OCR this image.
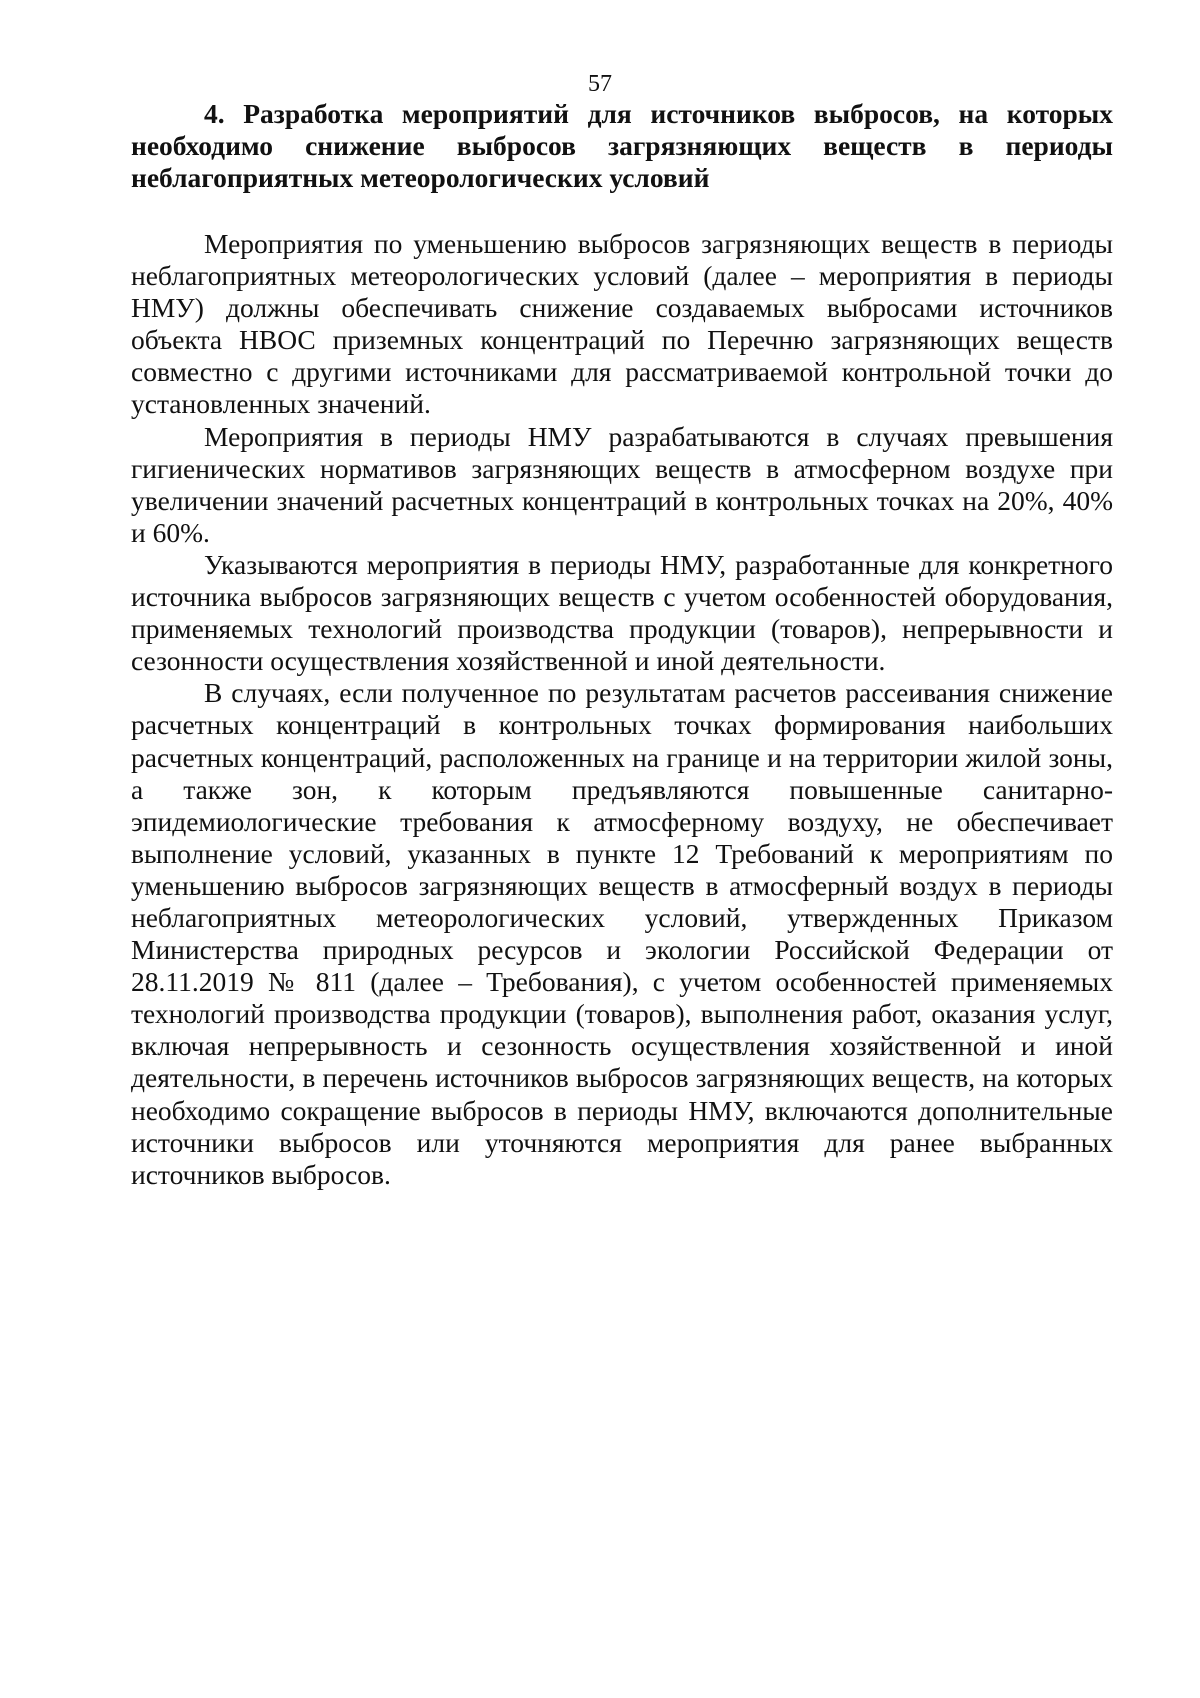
57

4. Разработка мероприятий для источников выбросов, на которых необходимо снижение выбросов загрязняющих веществ в периоды неблагоприятных метеорологических условий

Мероприятия по уменьшению выбросов загрязняющих веществ в периоды неблагоприятных метеорологических условий (далее – мероприятия в периоды НМУ) должны обеспечивать снижение создаваемых выбросами источников объекта НВОС приземных концентраций по Перечню загрязняющих веществ совместно с другими источниками для рассматриваемой контрольной точки до установленных значений.

Мероприятия в периоды НМУ разрабатываются в случаях превышения гигиенических нормативов загрязняющих веществ в атмосферном воздухе при увеличении значений расчетных концентраций в контрольных точках на 20%, 40% и 60%.

Указываются мероприятия в периоды НМУ, разработанные для конкретного источника выбросов загрязняющих веществ с учетом особенностей оборудования, применяемых технологий производства продукции (товаров), непрерывности и сезонности осуществления хозяйственной и иной деятельности.

В случаях, если полученное по результатам расчетов рассеивания снижение расчетных концентраций в контрольных точках формирования наибольших расчетных концентраций, расположенных на границе и на территории жилой зоны, а также зон, к которым предъявляются повышенные санитарно-эпидемиологические требования к атмосферному воздуху, не обеспечивает выполнение условий, указанных в пункте 12 Требований к мероприятиям по уменьшению выбросов загрязняющих веществ в атмосферный воздух в периоды неблагоприятных метеорологических условий, утвержденных Приказом Министерства природных ресурсов и экологии Российской Федерации от 28.11.2019 № 811 (далее – Требования), с учетом особенностей применяемых технологий производства продукции (товаров), выполнения работ, оказания услуг, включая непрерывность и сезонность осуществления хозяйственной и иной деятельности, в перечень источников выбросов загрязняющих веществ, на которых необходимо сокращение выбросов в периоды НМУ, включаются дополнительные источники выбросов или уточняются мероприятия для ранее выбранных источников выбросов.
